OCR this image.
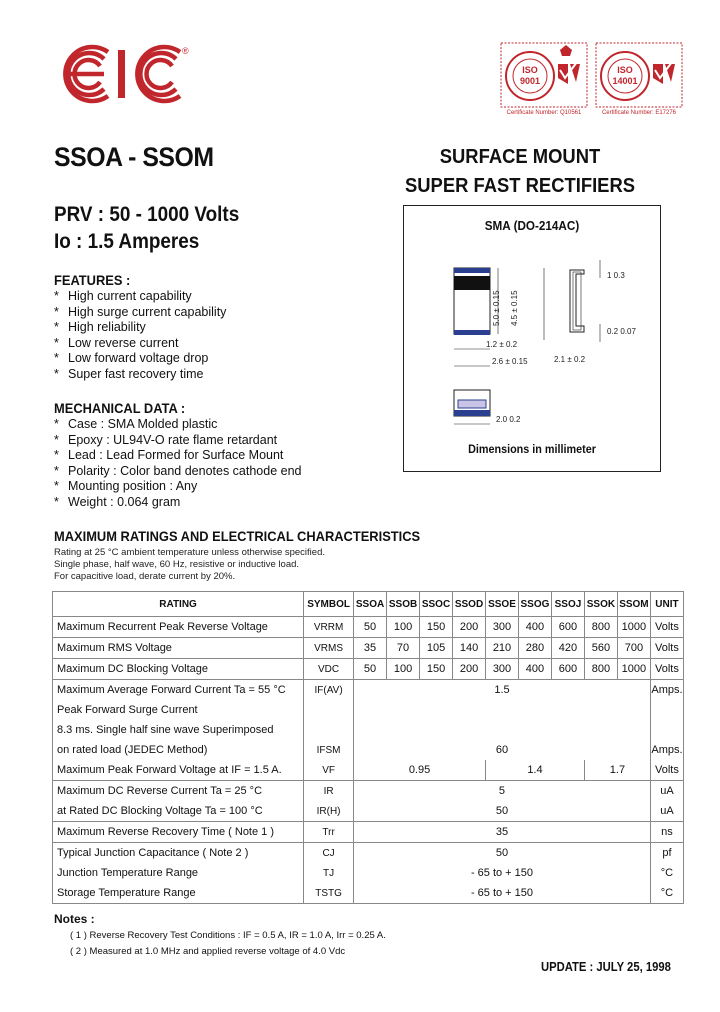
®
ISO
9001
Certificate Number: Q10561
ISO
14001
Certificate Number: E17276
SSOA - SSOM	SURFACE MOUNT
SUPER FAST RECTIFIERS
PRV : 50 - 1000 Volts
Io : 1.5 Amperes
FEATURES :
* High current capability
* High surge current capability
* High reliability
* Low reverse current
* Low forward voltage drop
* Super fast recovery time
MECHANICAL DATA :
* Case : SMA Molded plastic
* Epoxy : UL94V-O rate flame retardant
* Lead : Lead Formed for Surface Mount
* Polarity : Color band denotes cathode end
* Mounting position : Any
* Weight : 0.064 gram
SMA (DO-214AC)
5.0 ± 0.15 4.5 ± 0.15
1.2 ± 0.2
2.6 ± 0.15
1 0.3
0.2 0.07
2.1 ± 0.2
2.0 0.2
Dimensions in millimeter
MAXIMUM RATINGS AND ELECTRICAL CHARACTERISTICS
Rating at 25 °C ambient temperature unless otherwise specified.
Single phase, half wave, 60 Hz, resistive or inductive load.
For capacitive load, derate current by 20%.
RATING	SYMBOL	SSOA	SSOB	SSOC	SSOD	SSOE	SSOG	SSOJ	SSOK	SSOM	UNIT
Maximum Recurrent Peak Reverse Voltage	VRRM	50	100	150	200	300	400	600	800	1000	Volts
Maximum RMS Voltage	VRMS	35	70	105	140	210	280	420	560	700	Volts
Maximum DC Blocking Voltage	VDC	50	100	150	200	300	400	600	800	1000	Volts
Maximum Average Forward Current Ta = 55 °C	IF(AV)	1.5									Amps.
Peak Forward Surge Current											
8.3 ms. Single half sine wave Superimposed											
on rated load (JEDEC Method)	IFSM	60									Amps.
Maximum Peak Forward Voltage at IF = 1.5 A.	VF	0.95				1.4			1.7		Volts
Maximum DC Reverse Current Ta = 25 °C	IR	5									uA
at Rated DC Blocking Voltage Ta = 100 °C	IR(H)	50									uA
Maximum Reverse Recovery Time ( Note 1 )	Trr	35									ns
Typical Junction Capacitance ( Note 2 )	CJ	50									pf
Junction Temperature Range	TJ	- 65 to + 150									°C
Storage Temperature Range	TSTG	- 65 to + 150									°C
Notes :
( 1 ) Reverse Recovery Test Conditions : IF = 0.5 A, IR = 1.0 A, Irr = 0.25 A.
( 2 ) Measured at 1.0 MHz and applied reverse voltage of 4.0 Vdc
UPDATE : JULY 25, 1998
